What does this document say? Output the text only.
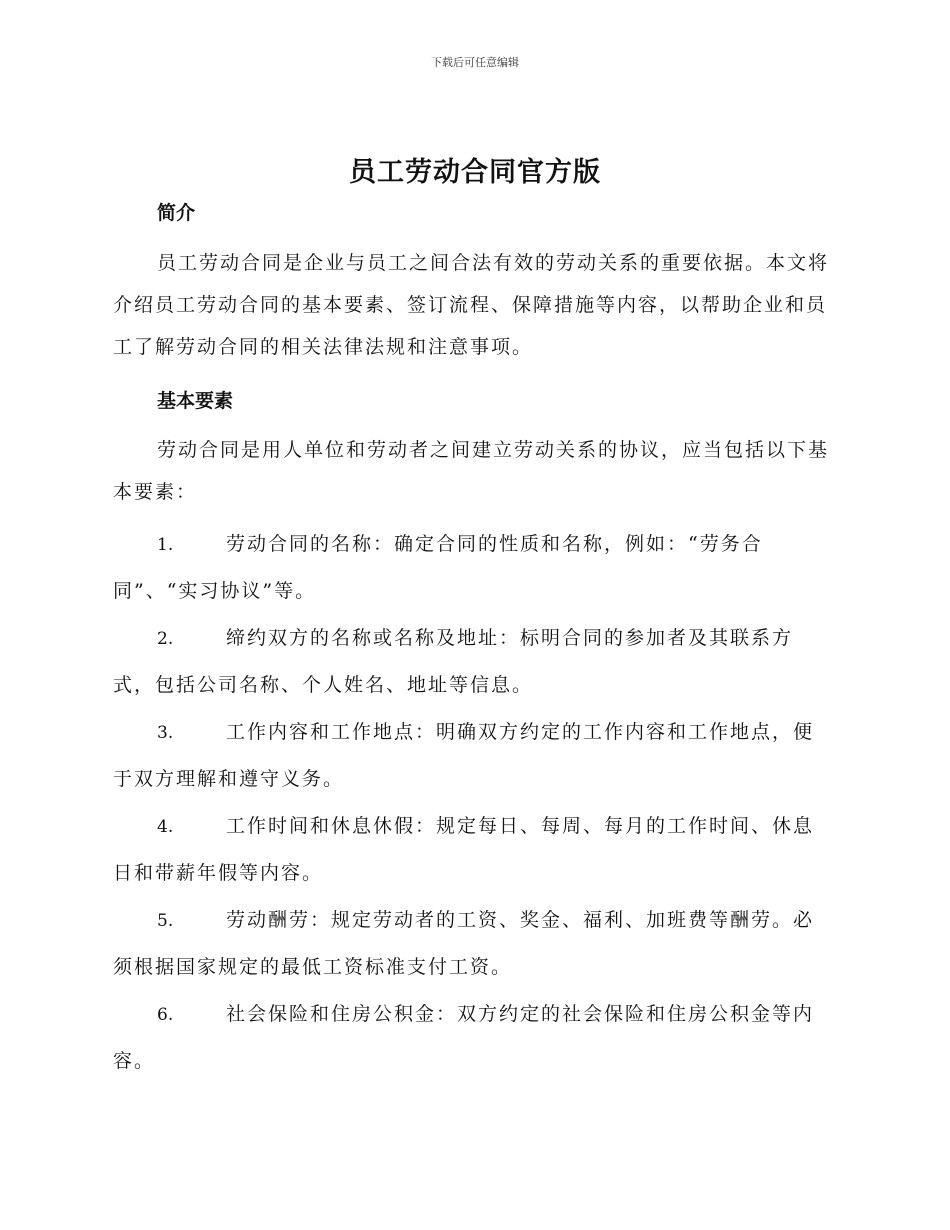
下载后可任意编辑
员工劳动合同官方版
简介

员工劳动合同是企业与员工之间合法有效的劳动关系的重要依据。本文将介绍员工劳动合同的基本要素、签订流程、保障措施等内容，以帮助企业和员工了解劳动合同的相关法律法规和注意事项。

基本要素

劳动合同是用人单位和劳动者之间建立劳动关系的协议，应当包括以下基本要素：

1.	劳动合同的名称：确定合同的性质和名称，例如：“劳务合同”、“实习协议”等。

2.	缔约双方的名称或名称及地址：标明合同的参加者及其联系方式，包括公司名称、个人姓名、地址等信息。

3.	工作内容和工作地点：明确双方约定的工作内容和工作地点，便于双方理解和遵守义务。

4.	工作时间和休息休假：规定每日、每周、每月的工作时间、休息日和带薪年假等内容。

5.	劳动酬劳：规定劳动者的工资、奖金、福利、加班费等酬劳。必须根据国家规定的最低工资标准支付工资。

6.	社会保险和住房公积金：双方约定的社会保险和住房公积金等内容。
